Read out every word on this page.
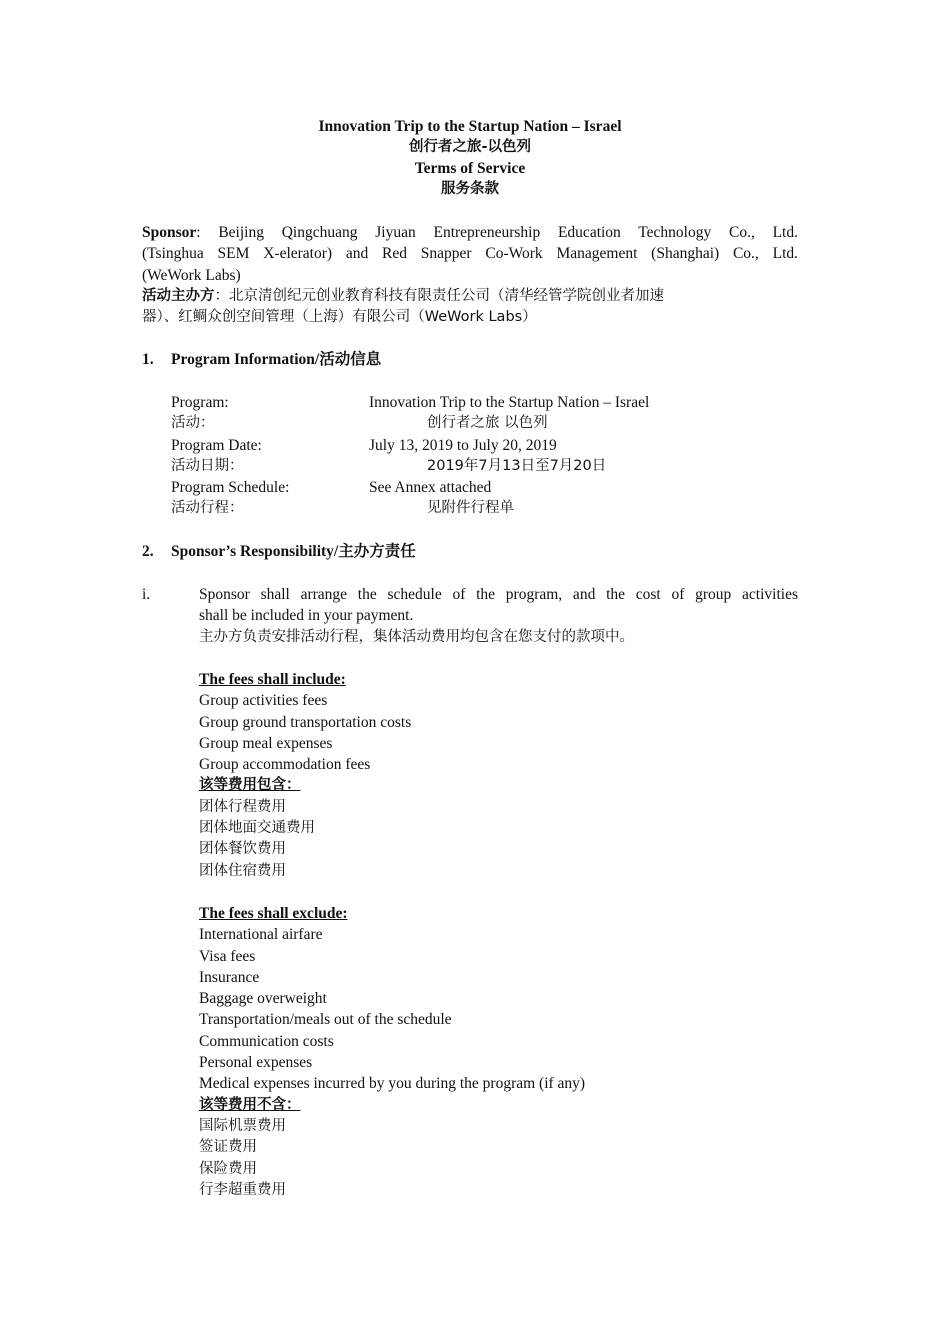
Innovation Trip to the Startup Nation – Israel
创行者之旅-以色列
Terms of Service
服务条款
Sponsor: Beijing Qingchuang Jiyuan Entrepreneurship Education Technology Co., Ltd.
(Tsinghua SEM X-elerator) and Red Snapper Co-Work Management (Shanghai) Co., Ltd.
(WeWork Labs)
活动主办方：北京清创纪元创业教育科技有限责任公司（清华经管学院创业者加速
器）、红鲷众创空间管理（上海）有限公司（WeWork Labs）
1. Program Information/活动信息
Program:	Innovation Trip to the Startup Nation – Israel
活动：	创行者之旅 以色列
Program Date:	July 13, 2019 to July 20, 2019
活动日期：	2019年7月13日至7月20日
Program Schedule:	See Annex attached
活动行程：	见附件行程单
2. Sponsor’s Responsibility/主办方责任
i.	Sponsor shall arrange the schedule of the program, and the cost of group activities
shall be included in your payment.
主办方负责安排活动行程，集体活动费用均包含在您支付的款项中。
The fees shall include:
Group activities fees
Group ground transportation costs
Group meal expenses
Group accommodation fees
该等费用包含：
团体行程费用
团体地面交通费用
团体餐饮费用
团体住宿费用
The fees shall exclude:
International airfare
Visa fees
Insurance
Baggage overweight
Transportation/meals out of the schedule
Communication costs
Personal expenses
Medical expenses incurred by you during the program (if any)
该等费用不含：
国际机票费用
签证费用
保险费用
行李超重费用
